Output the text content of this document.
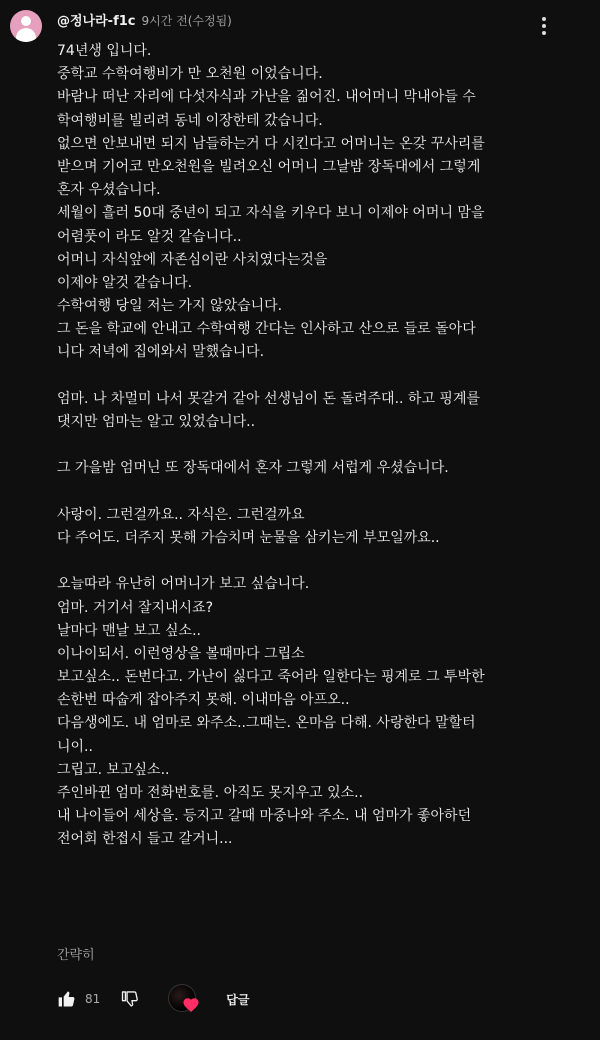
@정나라-f1c 9시간 전(수정됨)
74년생 입니다.
중학교 수학여행비가 만 오천원 이었습니다.
바람나 떠난 자리에 다섯자식과 가난을 짊어진. 내어머니 막내아들 수
학여행비를 빌리려 동네 이장한테 갔습니다.
없으면 안보내면 되지 남들하는거 다 시킨다고 어머니는 온갖 꾸사리를
받으며 기어코 만오천원을 빌려오신 어머니 그날밤 장독대에서 그렇게
혼자 우셨습니다.
세월이 흘러 50대 중년이 되고 자식을 키우다 보니 이제야 어머니 맘을
어렴풋이 라도 알것 같습니다..
어머니 자식앞에 자존심이란 사치였다는것을
이제야 알것 같습니다.
수학여행 당일 저는 가지 않았습니다.
그 돈을 학교에 안내고 수학여행 간다는 인사하고 산으로 들로 돌아다
니다 저녁에 집에와서 말했습니다.
엄마. 나 차멀미 나서 못갈거 같아 선생님이 돈 돌려주대.. 하고 핑계를
댓지만 엄마는 알고 있었습니다..
그 가을밤 엄머닌 또 장독대에서 혼자 그렇게 서럽게 우셨습니다.
사랑이. 그런걸까요.. 자식은. 그런걸까요
다 주어도. 더주지 못해 가슴치며 눈물을 삼키는게 부모일까요..
오늘따라 유난히 어머니가 보고 싶습니다.
엄마. 거기서 잘지내시죠?
날마다 맨날 보고 싶소..
이나이되서. 이런영상을 볼때마다 그립소
보고싶소.. 돈번다고. 가난이 싫다고 죽어라 일한다는 핑계로 그 투박한
손한번 따숩게 잡아주지 못해. 이내마음 아프오..
다음생에도. 내 엄마로 와주소..그때는. 온마음 다해. 사랑한다 말할터
니이..
그립고. 보고싶소..
주인바뀐 엄마 전화번호를. 아직도 못지우고 있소..
내 나이들어 세상을. 등지고 갈때 마중나와 주소. 내 엄마가 좋아하던
전어회 한접시 들고 갈거니...
간략히
81	답글
